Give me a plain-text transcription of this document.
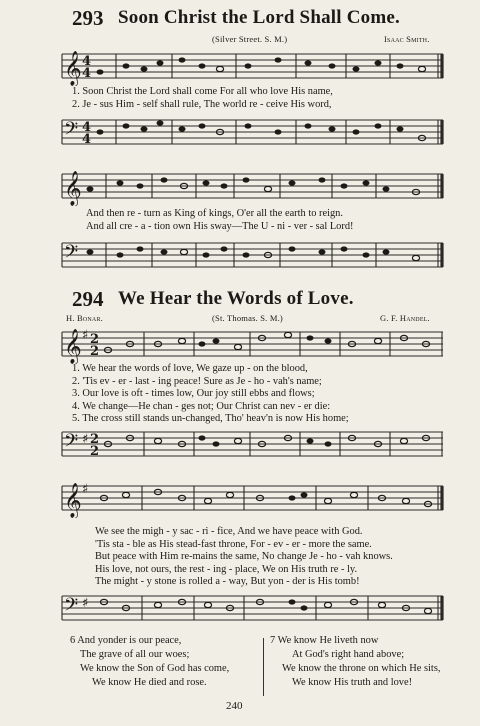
293 Soon Christ the Lord Shall Come.
(Silver Street. S. M.)	Isaac Smith.
𝄞 4
4
1. Soon Christ the Lord shall come For all who love His name,
2. Je - sus Him - self shall rule, The world re - ceive His word,
𝄢 4
4
𝄞
And then re - turn as King of kings, O'er all the earth to reign.
And all cre - a - tion own His sway—The U - ni - ver - sal Lord!
𝄢
294 We Hear the Words of Love.
H. Bonar.	(St. Thomas. S. M.)	G. F. Handel.
𝄞 ♯ 2
2
1. We hear the words of love, We gaze up - on the blood,
2. 'Tis ev - er - last - ing peace! Sure as Je - ho - vah's name;
3. Our love is oft - times low, Our joy still ebbs and flows;
4. We change—He chan - ges not; Our Christ can nev - er die:
5. The cross still stands un-changed, Tho' heav'n is now His home;
𝄢 ♯ 2
2
𝄞 ♯
We see the migh - y sac - ri - fice, And we have peace with God.
'Tis sta - ble as His stead-fast throne, For - ev - er - more the same.
But peace with Him re-mains the same, No change Je - ho - vah knows.
His love, not ours, the rest - ing - place, We on His truth re - ly.
The might - y stone is rolled a - way, But yon - der is His tomb!
𝄢 ♯
6 And yonder is our peace,
The grave of all our woes;
We know the Son of God has come,
We know He died and rose.
7 We know He liveth now
At God's right hand above;
We know the throne on which He sits,
We know His truth and love!
240
